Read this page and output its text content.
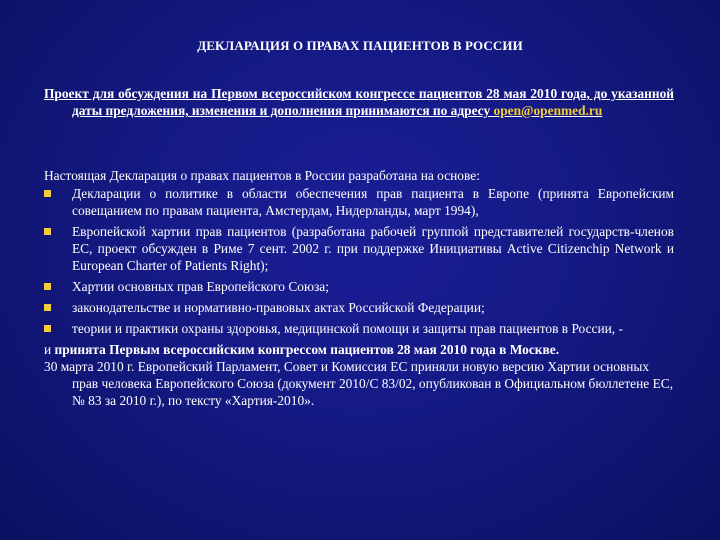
ДЕКЛАРАЦИЯ О ПРАВАХ ПАЦИЕНТОВ В РОССИИ
Проект для обсуждения на Первом всероссийском конгрессе пациентов 28 мая 2010 года, до указанной даты предложения, изменения и дополнения принимаются по адресу open@openmed.ru

Настоящая Декларация о правах пациентов в России разработана на основе:

Декларации о политике в области обеспечения прав пациента в Европе (принята Европейским совещанием по правам пациента, Амстердам, Нидерланды, март 1994),
Европейской хартии прав пациентов (разработана рабочей группой представителей государств-членов ЕС, проект обсужден в Риме 7 сент. 2002 г. при поддержке Инициативы Active Citizenchip Network и European Charter of Patients Right);
Хартии основных прав Европейского Союза;
законодательстве и нормативно-правовых актах Российской Федерации;
теории и практики охраны здоровья, медицинской помощи и защиты прав пациентов в России, -

и принята Первым всероссийским конгрессом пациентов 28 мая 2010 года в Москве.

30 марта 2010 г. Европейский Парламент, Совет и Комиссия ЕС приняли новую версию Хартии основных прав человека Европейского Союза (документ 2010/С 83/02, опубликован в Официальном бюллетене ЕС, № 83 за 2010 г.), по тексту «Хартия-2010».
